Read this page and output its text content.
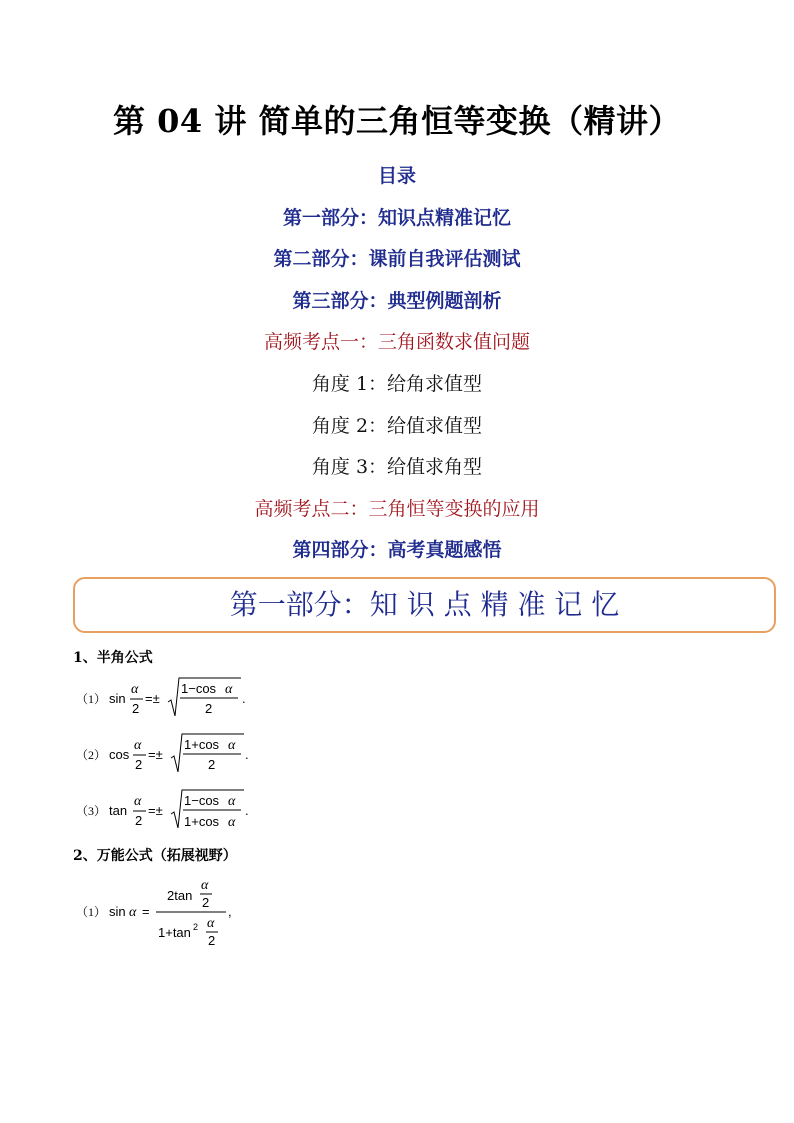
第 04 讲 简单的三角恒等变换（精讲）
目录
第一部分：知识点精准记忆
第二部分：课前自我评估测试
第三部分：典型例题剖析
高频考点一：三角函数求值问题
角度 1：给角求值型
角度 2：给值求值型
角度 3：给值求角型
高频考点二：三角恒等变换的应用
第四部分：高考真题感悟
第一部分：知 识 点 精 准 记 忆
1、半角公式
（1） sin
α
2
=±
1−cos α
2
.
（2） cos
α
2
=±
1+cos α
2
.
（3） tan
α
2
=±
1−cos α
1+cos α
.
2、万能公式（拓展视野）
（1） sin α =
2tan
α
2
1+tan 2 α
2
,
